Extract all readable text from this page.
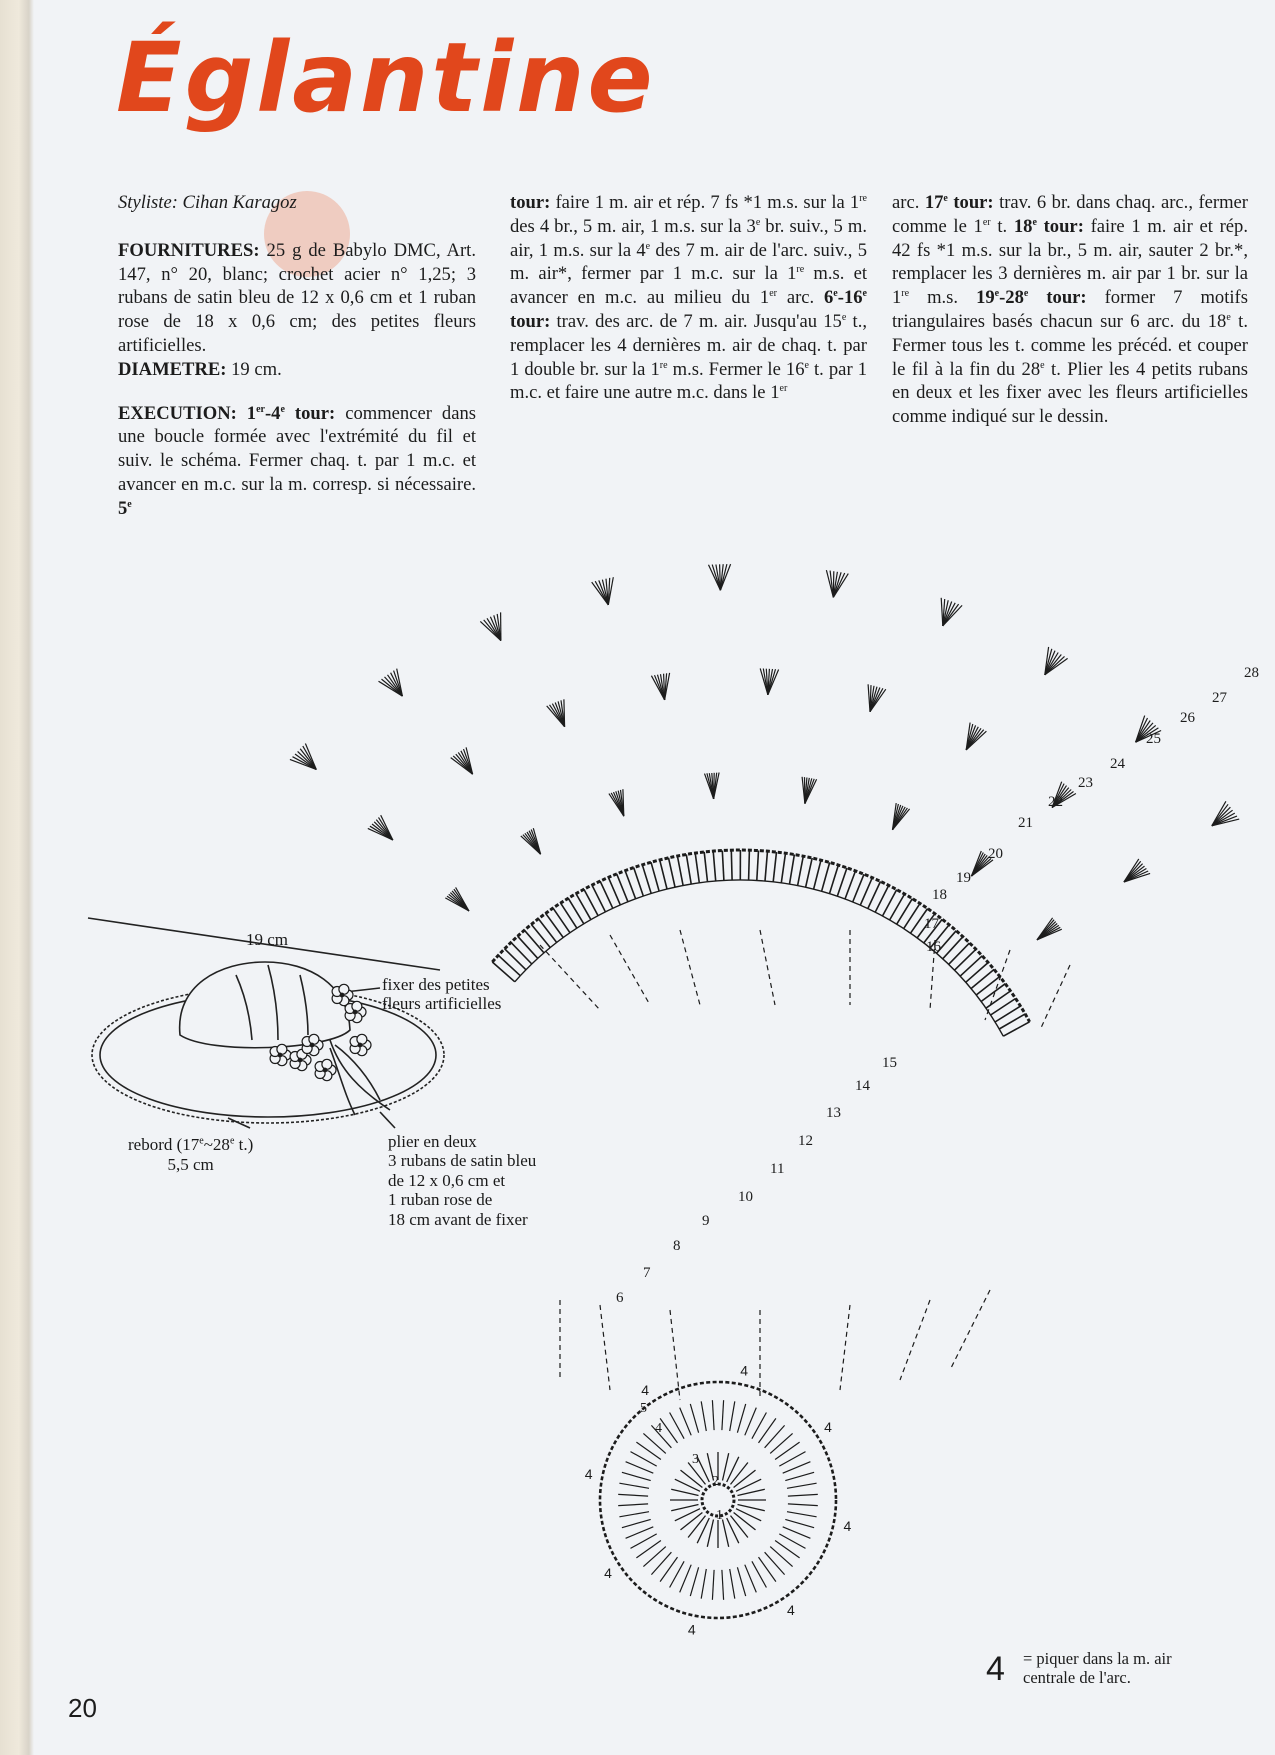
Églantine

Styliste: Cihan Karagoz

FOURNITURES: 25 g de Babylo DMC, Art. 147, n° 20, blanc; crochet acier n° 1,25; 3 rubans de satin bleu de 12 x 0,6 cm et 1 ruban rose de 18 x 0,6 cm; des petites fleurs artificielles.
DIAMETRE: 19 cm.

EXECUTION: 1er-4e tour: commencer dans une boucle formée avec l'extrémité du fil et suiv. le schéma. Fermer chaq. t. par 1 m.c. et avancer en m.c. sur la m. corresp. si nécessaire. 5e

tour: faire 1 m. air et rép. 7 fs *1 m.s. sur la 1re des 4 br., 5 m. air, 1 m.s. sur la 3e br. suiv., 5 m. air, 1 m.s. sur la 4e des 7 m. air de l'arc. suiv., 5 m. air*, fermer par 1 m.c. sur la 1re m.s. et avancer en m.c. au milieu du 1er arc. 6e-16e tour: trav. des arc. de 7 m. air. Jusqu'au 15e t., remplacer les 4 dernières m. air de chaq. t. par 1 double br. sur la 1re m.s. Fermer le 16e t. par 1 m.c. et faire une autre m.c. dans le 1er

arc. 17e tour: trav. 6 br. dans chaq. arc., fermer comme le 1er t. 18e tour: faire 1 m. air et rép. 42 fs *1 m.s. sur la br., 5 m. air, sauter 2 br.*, remplacer les 3 dernières m. air par 1 br. sur la 1re m.s. 19e-28e tour: former 7 motifs triangulaires basés chacun sur 6 arc. du 18e t. Fermer tous les t. comme les précéd. et couper le fil à la fin du 28e t. Plier les 4 petits rubans en deux et les fixer avec les fleurs artificielles comme indiqué sur le dessin.

4
4
4
4
4
4
4
4
28
27
26
25
24
23
22
21
20
19
18
17
16
15
14
13
12
11
10
9
8
7
6
5
4
3
2
1
19 cm
fixer des petites
fleurs artificielles
rebord (17e~28e t.)
5,5 cm
plier en deux
3 rubans de satin bleu
de 12 x 0,6 cm et
1 ruban rose de
18 cm avant de fixer
4 = piquer dans la m. air
centrale de l'arc.
20
